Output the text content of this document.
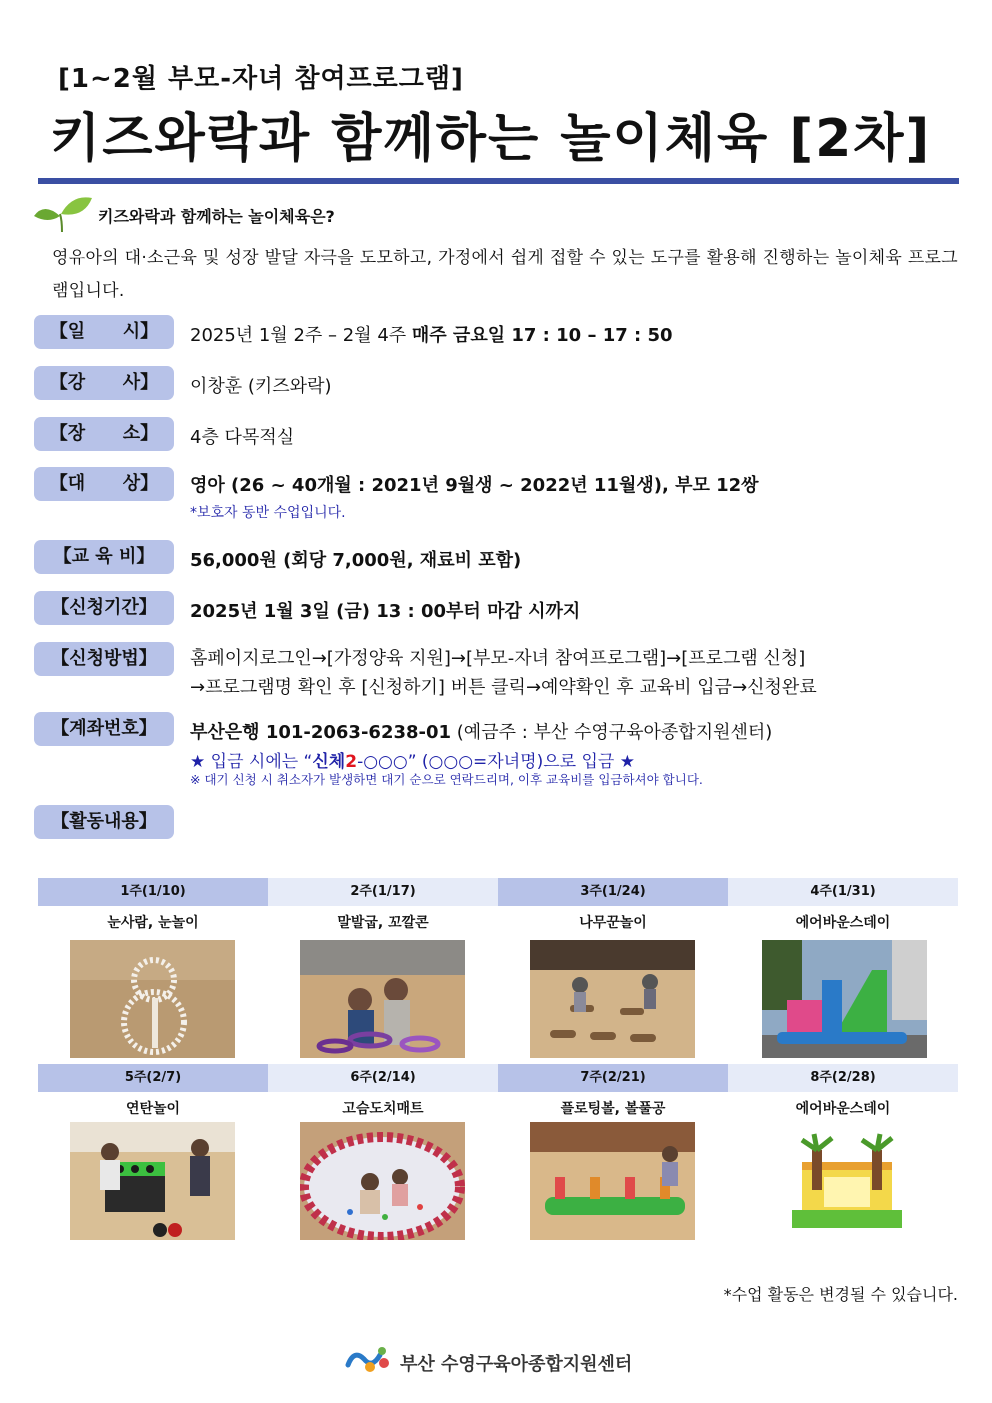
[1~2월 부모-자녀 참여프로그램]
키즈와락과 함께하는 놀이체육 [2차]
키즈와락과 함께하는 놀이체육은?
영유아의 대·소근육 및 성장 발달 자극을 도모하고, 가정에서 쉽게 접할 수 있는 도구를 활용해 진행하는 놀이체육 프로그램입니다.
【일      시】	2025년 1월 2주 – 2월 4주 매주 금요일 17 : 10 – 17 : 50
【강      사】	이창훈 (키즈와락)
【장      소】	4층 다목적실
【대      상】	영아 (26 ~ 40개월 : 2021년 9월생 ~ 2022년 11월생), 부모 12쌍
*보호자 동반 수업입니다.
【교 육 비】	56,000원 (회당 7,000원, 재료비 포함)
【신청기간】	2025년 1월 3일 (금) 13 : 00부터 마감 시까지
【신청방법】	홈페이지로그인→[가정양육 지원]→[부모-자녀 참여프로그램]→[프로그램 신청]
→프로그램명 확인 후 [신청하기] 버튼 클릭→예약확인 후 교육비 입금→신청완료
【계좌번호】	부산은행 101-2063-6238-01 (예금주 : 부산 수영구육아종합지원센터)
★ 입금 시에는 “신체2-○○○” (○○○=자녀명)으로 입금 ★
※ 대기 신청 시 취소자가 발생하면 대기 순으로 연락드리며, 이후 교육비를 입금하셔야 합니다.
【활동내용】
1주(1/10)	2주(1/17)	3주(1/24)	4주(1/31)
눈사람, 눈놀이	말발굽, 꼬깔콘	나무꾼놀이	에어바운스데이
5주(2/7)	6주(2/14)	7주(2/21)	8주(2/28)
연탄놀이	고슴도치매트	플로팅볼, 볼풀공	에어바운스데이
*수업 활동은 변경될 수 있습니다.
부산 수영구육아종합지원센터
